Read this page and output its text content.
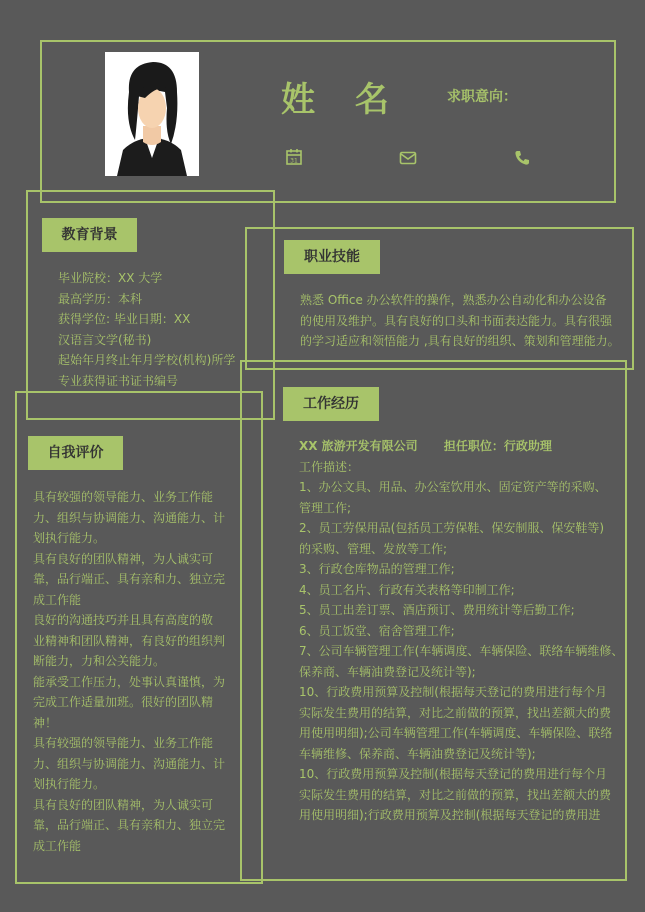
姓 名	求职意向：
31
教育背景
毕业院校：XX 大学
最高学历：本科
获得学位: 毕业日期：XX
汉语言文学(秘书)
起始年月终止年月学校(机构)所学
专业获得证书证书编号
职业技能
熟悉 Office 办公软件的操作，熟悉办公自动化和办公设备
的使用及维护。具有良好的口头和书面表达能力。具有很强
的学习适应和领悟能力 ,具有良好的组织、策划和管理能力。
自我评价
具有较强的领导能力、业务工作能
力、组织与协调能力、沟通能力、计
划执行能力。
具有良好的团队精神，为人诚实可
靠，品行端正、具有亲和力、独立完
成工作能
良好的沟通技巧并且具有高度的敬
业精神和团队精神，有良好的组织判
断能力，力和公关能力。
能承受工作压力，处事认真谨慎，为
完成工作适量加班。很好的团队精
神！
具有较强的领导能力、业务工作能
力、组织与协调能力、沟通能力、计
划执行能力。
具有良好的团队精神，为人诚实可
靠，品行端正、具有亲和力、独立完
成工作能
工作经历
XX 旅游开发有限公司 担任职位：行政助理
工作描述：
1、办公文具、用品、办公室饮用水、固定资产等的采购、
管理工作;
2、员工劳保用品(包括员工劳保鞋、保安制服、保安鞋等)
的采购、管理、发放等工作;
3、行政仓库物品的管理工作;
4、员工名片、行政有关表格等印制工作;
5、员工出差订票、酒店预订、费用统计等后勤工作;
6、员工饭堂、宿舍管理工作;
7、公司车辆管理工作(车辆调度、车辆保险、联络车辆维修、
保养商、车辆油费登记及统计等);
10、行政费用预算及控制(根据每天登记的费用进行每个月
实际发生费用的结算，对比之前做的预算，找出差额大的费
用使用明细);公司车辆管理工作(车辆调度、车辆保险、联络
车辆维修、保养商、车辆油费登记及统计等);
10、行政费用预算及控制(根据每天登记的费用进行每个月
实际发生费用的结算，对比之前做的预算，找出差额大的费
用使用明细);行政费用预算及控制(根据每天登记的费用进
